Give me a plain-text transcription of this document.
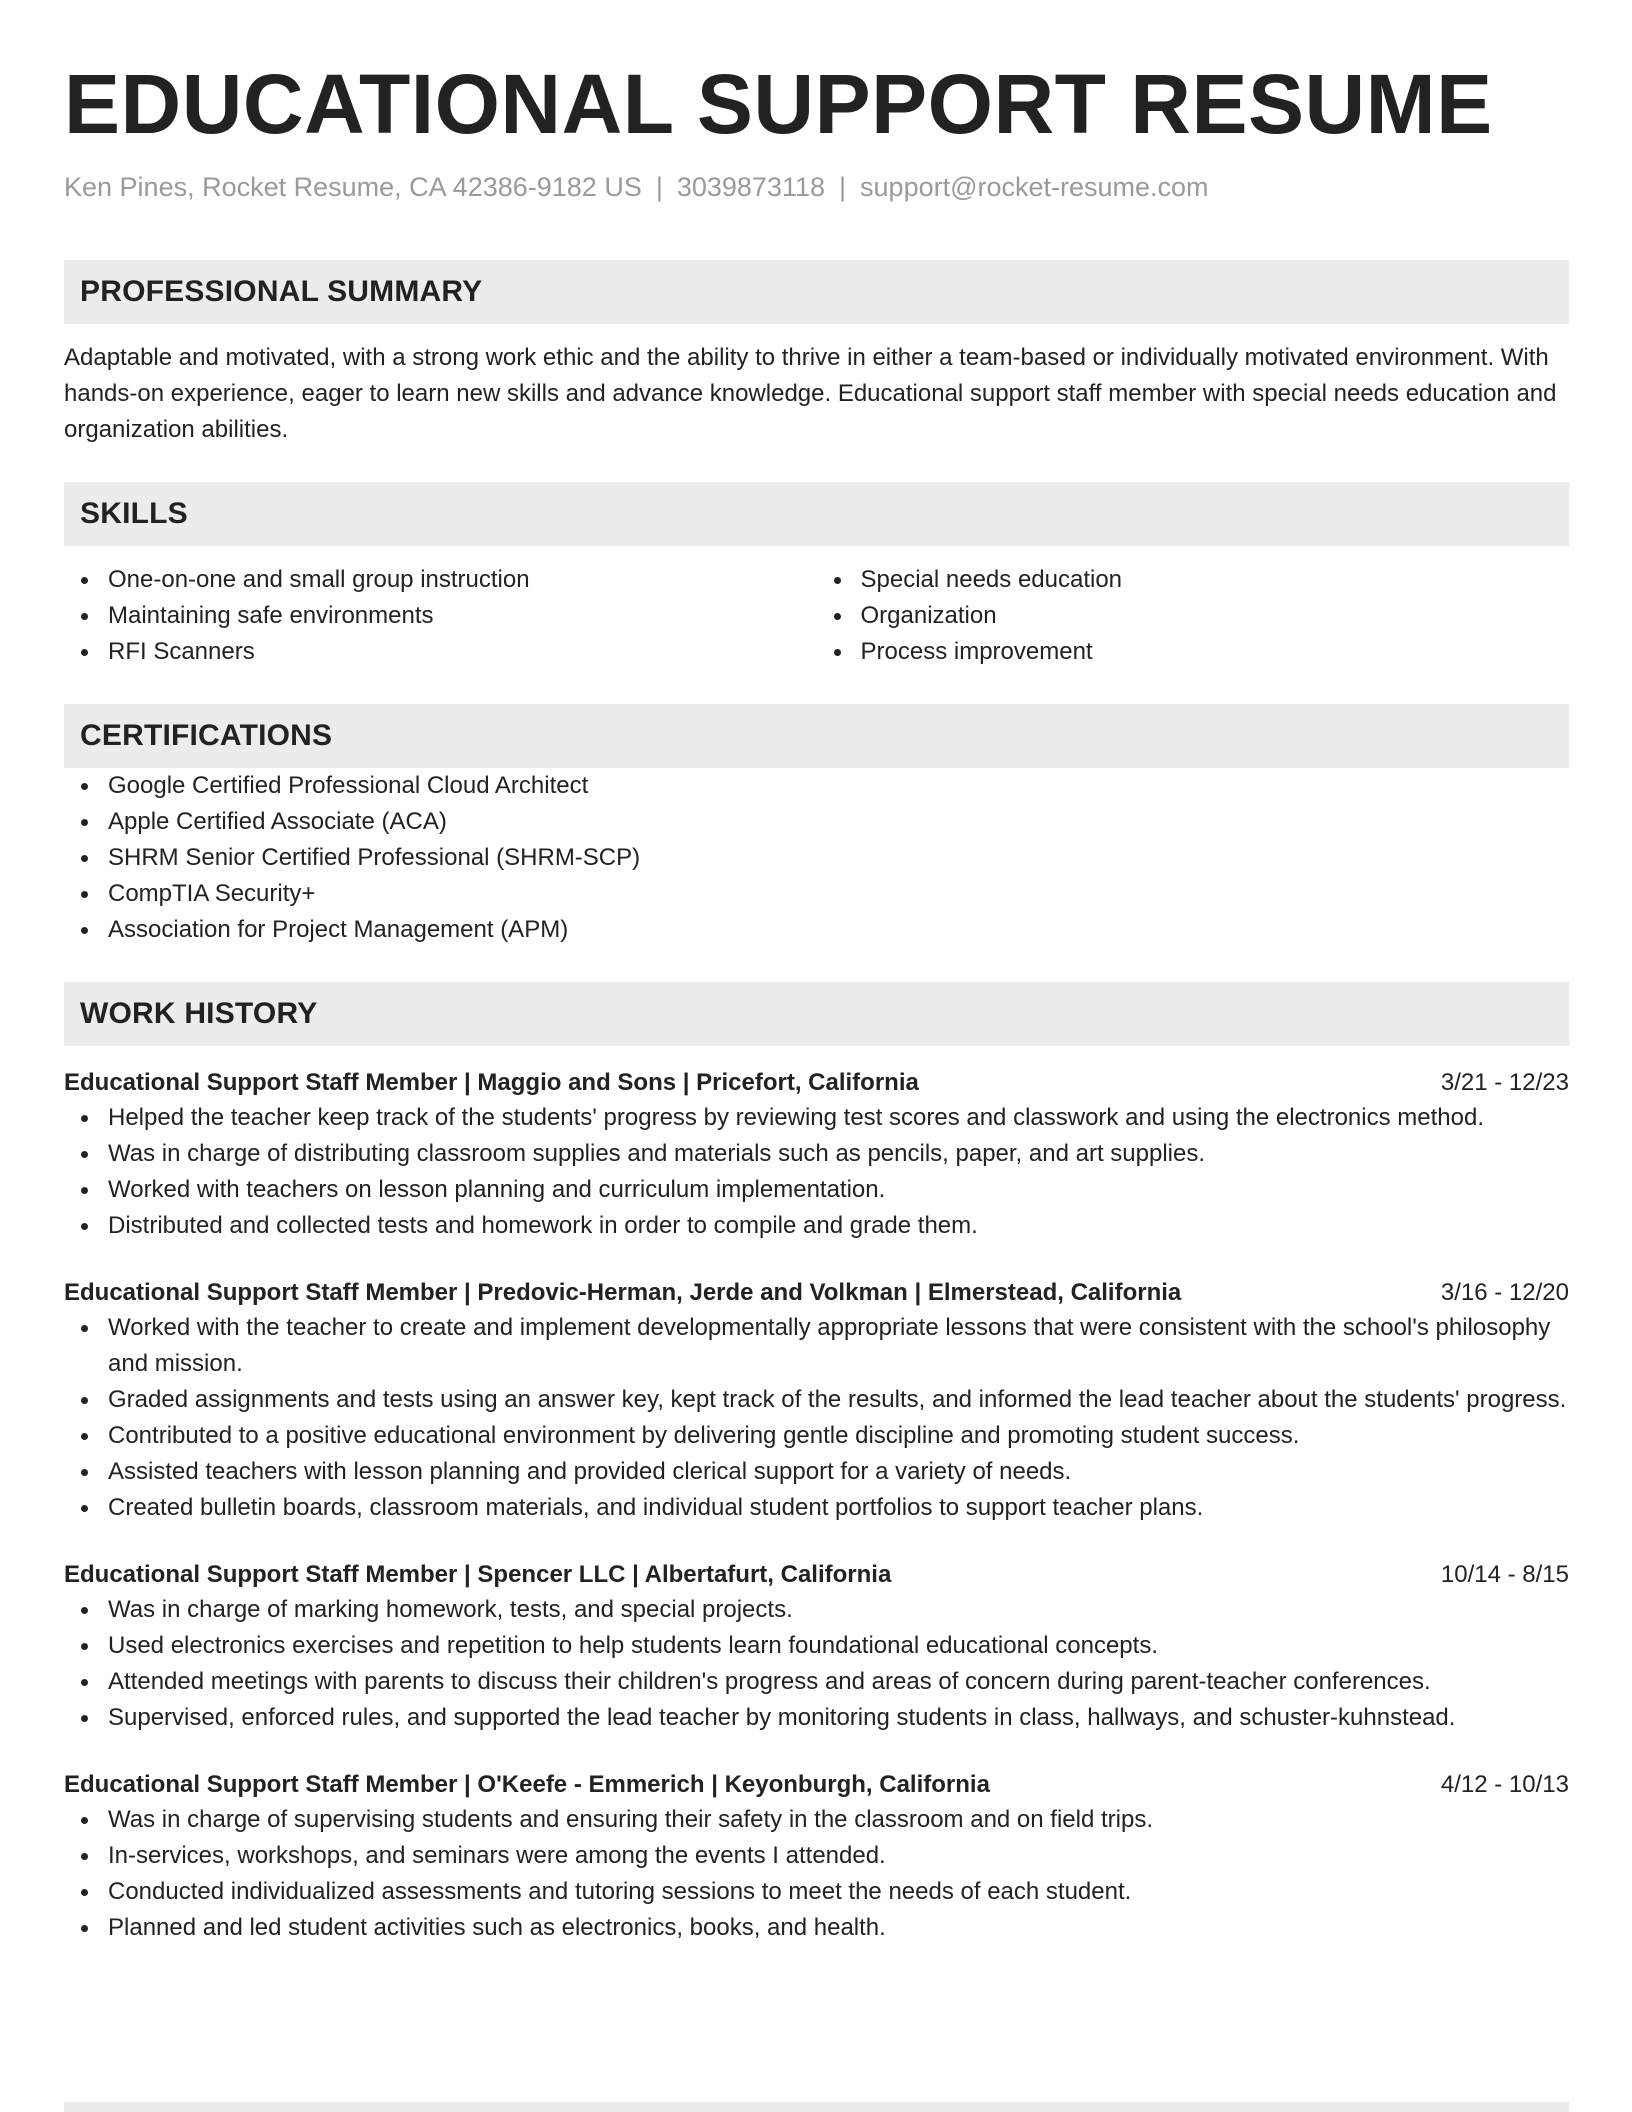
EDUCATIONAL SUPPORT RESUME
Ken Pines, Rocket Resume, CA 42386-9182 US | 3039873118 | support@rocket-resume.com
PROFESSIONAL SUMMARY
Adaptable and motivated, with a strong work ethic and the ability to thrive in either a team-based or individually motivated environment. With hands-on experience, eager to learn new skills and advance knowledge. Educational support staff member with special needs education and organization abilities.
SKILLS
One-on-one and small group instruction
Maintaining safe environments
RFI Scanners
Special needs education
Organization
Process improvement
CERTIFICATIONS
Google Certified Professional Cloud Architect
Apple Certified Associate (ACA)
SHRM Senior Certified Professional (SHRM-SCP)
CompTIA Security+
Association for Project Management (APM)
WORK HISTORY
Educational Support Staff Member | Maggio and Sons | Pricefort, California	3/21 - 12/23
Helped the teacher keep track of the students' progress by reviewing test scores and classwork and using the electronics method.
Was in charge of distributing classroom supplies and materials such as pencils, paper, and art supplies.
Worked with teachers on lesson planning and curriculum implementation.
Distributed and collected tests and homework in order to compile and grade them.
Educational Support Staff Member | Predovic-Herman, Jerde and Volkman | Elmerstead, California	3/16 - 12/20
Worked with the teacher to create and implement developmentally appropriate lessons that were consistent with the school's philosophy and mission.
Graded assignments and tests using an answer key, kept track of the results, and informed the lead teacher about the students' progress.
Contributed to a positive educational environment by delivering gentle discipline and promoting student success.
Assisted teachers with lesson planning and provided clerical support for a variety of needs.
Created bulletin boards, classroom materials, and individual student portfolios to support teacher plans.
Educational Support Staff Member | Spencer LLC | Albertafurt, California	10/14 - 8/15
Was in charge of marking homework, tests, and special projects.
Used electronics exercises and repetition to help students learn foundational educational concepts.
Attended meetings with parents to discuss their children's progress and areas of concern during parent-teacher conferences.
Supervised, enforced rules, and supported the lead teacher by monitoring students in class, hallways, and schuster-kuhnstead.
Educational Support Staff Member | O'Keefe - Emmerich | Keyonburgh, California	4/12 - 10/13
Was in charge of supervising students and ensuring their safety in the classroom and on field trips.
In-services, workshops, and seminars were among the events I attended.
Conducted individualized assessments and tutoring sessions to meet the needs of each student.
Planned and led student activities such as electronics, books, and health.
